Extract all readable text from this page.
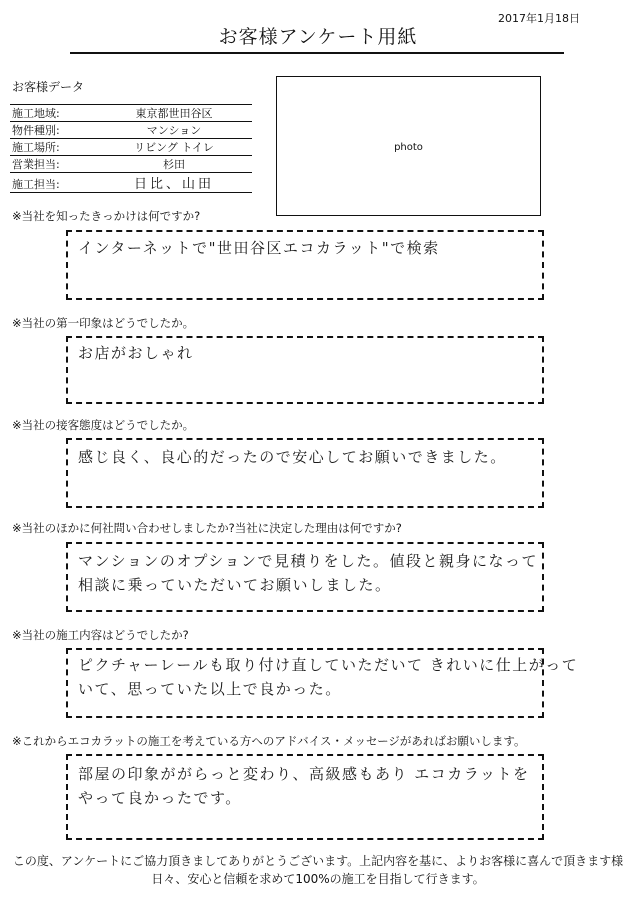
2017年1月18日
お客様アンケート用紙
お客様データ
施工地域:	東京都世田谷区
物件種別:	マンション
施工場所:	リビング トイレ
営業担当:	杉田
施工担当:	日比、山田
photo
※当社を知ったきっかけは何ですか?
インターネットで"世田谷区エコカラット"で検索
※当社の第一印象はどうでしたか。
お店がおしゃれ
※当社の接客態度はどうでしたか。
感じ良く、良心的だったので安心してお願いできました。
※当社のほかに何社問い合わせしましたか?当社に決定した理由は何ですか?
マンションのオプションで見積りをした。値段と親身になって
相談に乗っていただいてお願いしました。
※当社の施工内容はどうでしたか?
ピクチャーレールも取り付け直していただいて きれいに仕上がって
いて、思っていた以上で良かった。
※これからエコカラットの施工を考えている方へのアドバイス・メッセージがあればお願いします。
部屋の印象ががらっと変わり、高級感もあり エコカラットを
やって良かったです。
この度、アンケートにご協力頂きましてありがとうございます。上記内容を基に、よりお客様に喜んで頂きます様
日々、安心と信頼を求めて100%の施工を目指して行きます。
